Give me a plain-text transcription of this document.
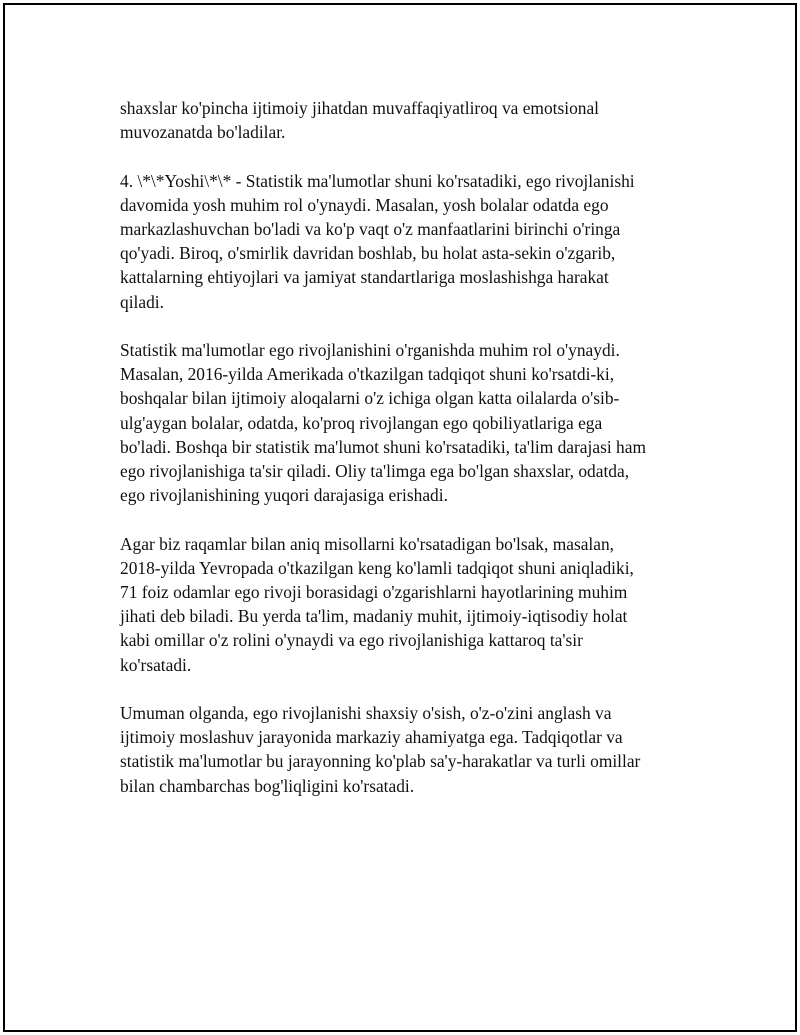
shaxslar ko'pincha ijtimoiy jihatdan muvaffaqiyatliroq va emotsional
muvozanatda bo'ladilar.

4. \*\*Yoshi\*\* - Statistik ma'lumotlar shuni ko'rsatadiki, ego rivojlanishi
davomida yosh muhim rol o'ynaydi. Masalan, yosh bolalar odatda ego
markazlashuvchan bo'ladi va ko'p vaqt o'z manfaatlarini birinchi o'ringa
qo'yadi. Biroq, o'smirlik davridan boshlab, bu holat asta-sekin o'zgarib,
kattalarning ehtiyojlari va jamiyat standartlariga moslashishga harakat
qiladi.

Statistik ma'lumotlar ego rivojlanishini o'rganishda muhim rol o'ynaydi.
Masalan, 2016-yilda Amerikada o'tkazilgan tadqiqot shuni ko'rsatdi-ki,
boshqalar bilan ijtimoiy aloqalarni o'z ichiga olgan katta oilalarda o'sib-
ulg'aygan bolalar, odatda, ko'proq rivojlangan ego qobiliyatlariga ega
bo'ladi. Boshqa bir statistik ma'lumot shuni ko'rsatadiki, ta'lim darajasi ham
ego rivojlanishiga ta'sir qiladi. Oliy ta'limga ega bo'lgan shaxslar, odatda,
ego rivojlanishining yuqori darajasiga erishadi.

Agar biz raqamlar bilan aniq misollarni ko'rsatadigan bo'lsak, masalan,
2018-yilda Yevropada o'tkazilgan keng ko'lamli tadqiqot shuni aniqladiki,
71 foiz odamlar ego rivoji borasidagi o'zgarishlarni hayotlarining muhim
jihati deb biladi. Bu yerda ta'lim, madaniy muhit, ijtimoiy-iqtisodiy holat
kabi omillar o'z rolini o'ynaydi va ego rivojlanishiga kattaroq ta'sir
ko'rsatadi.

Umuman olganda, ego rivojlanishi shaxsiy o'sish, o'z-o'zini anglash va
ijtimoiy moslashuv jarayonida markaziy ahamiyatga ega. Tadqiqotlar va
statistik ma'lumotlar bu jarayonning ko'plab sa'y-harakatlar va turli omillar
bilan chambarchas bog'liqligini ko'rsatadi.
